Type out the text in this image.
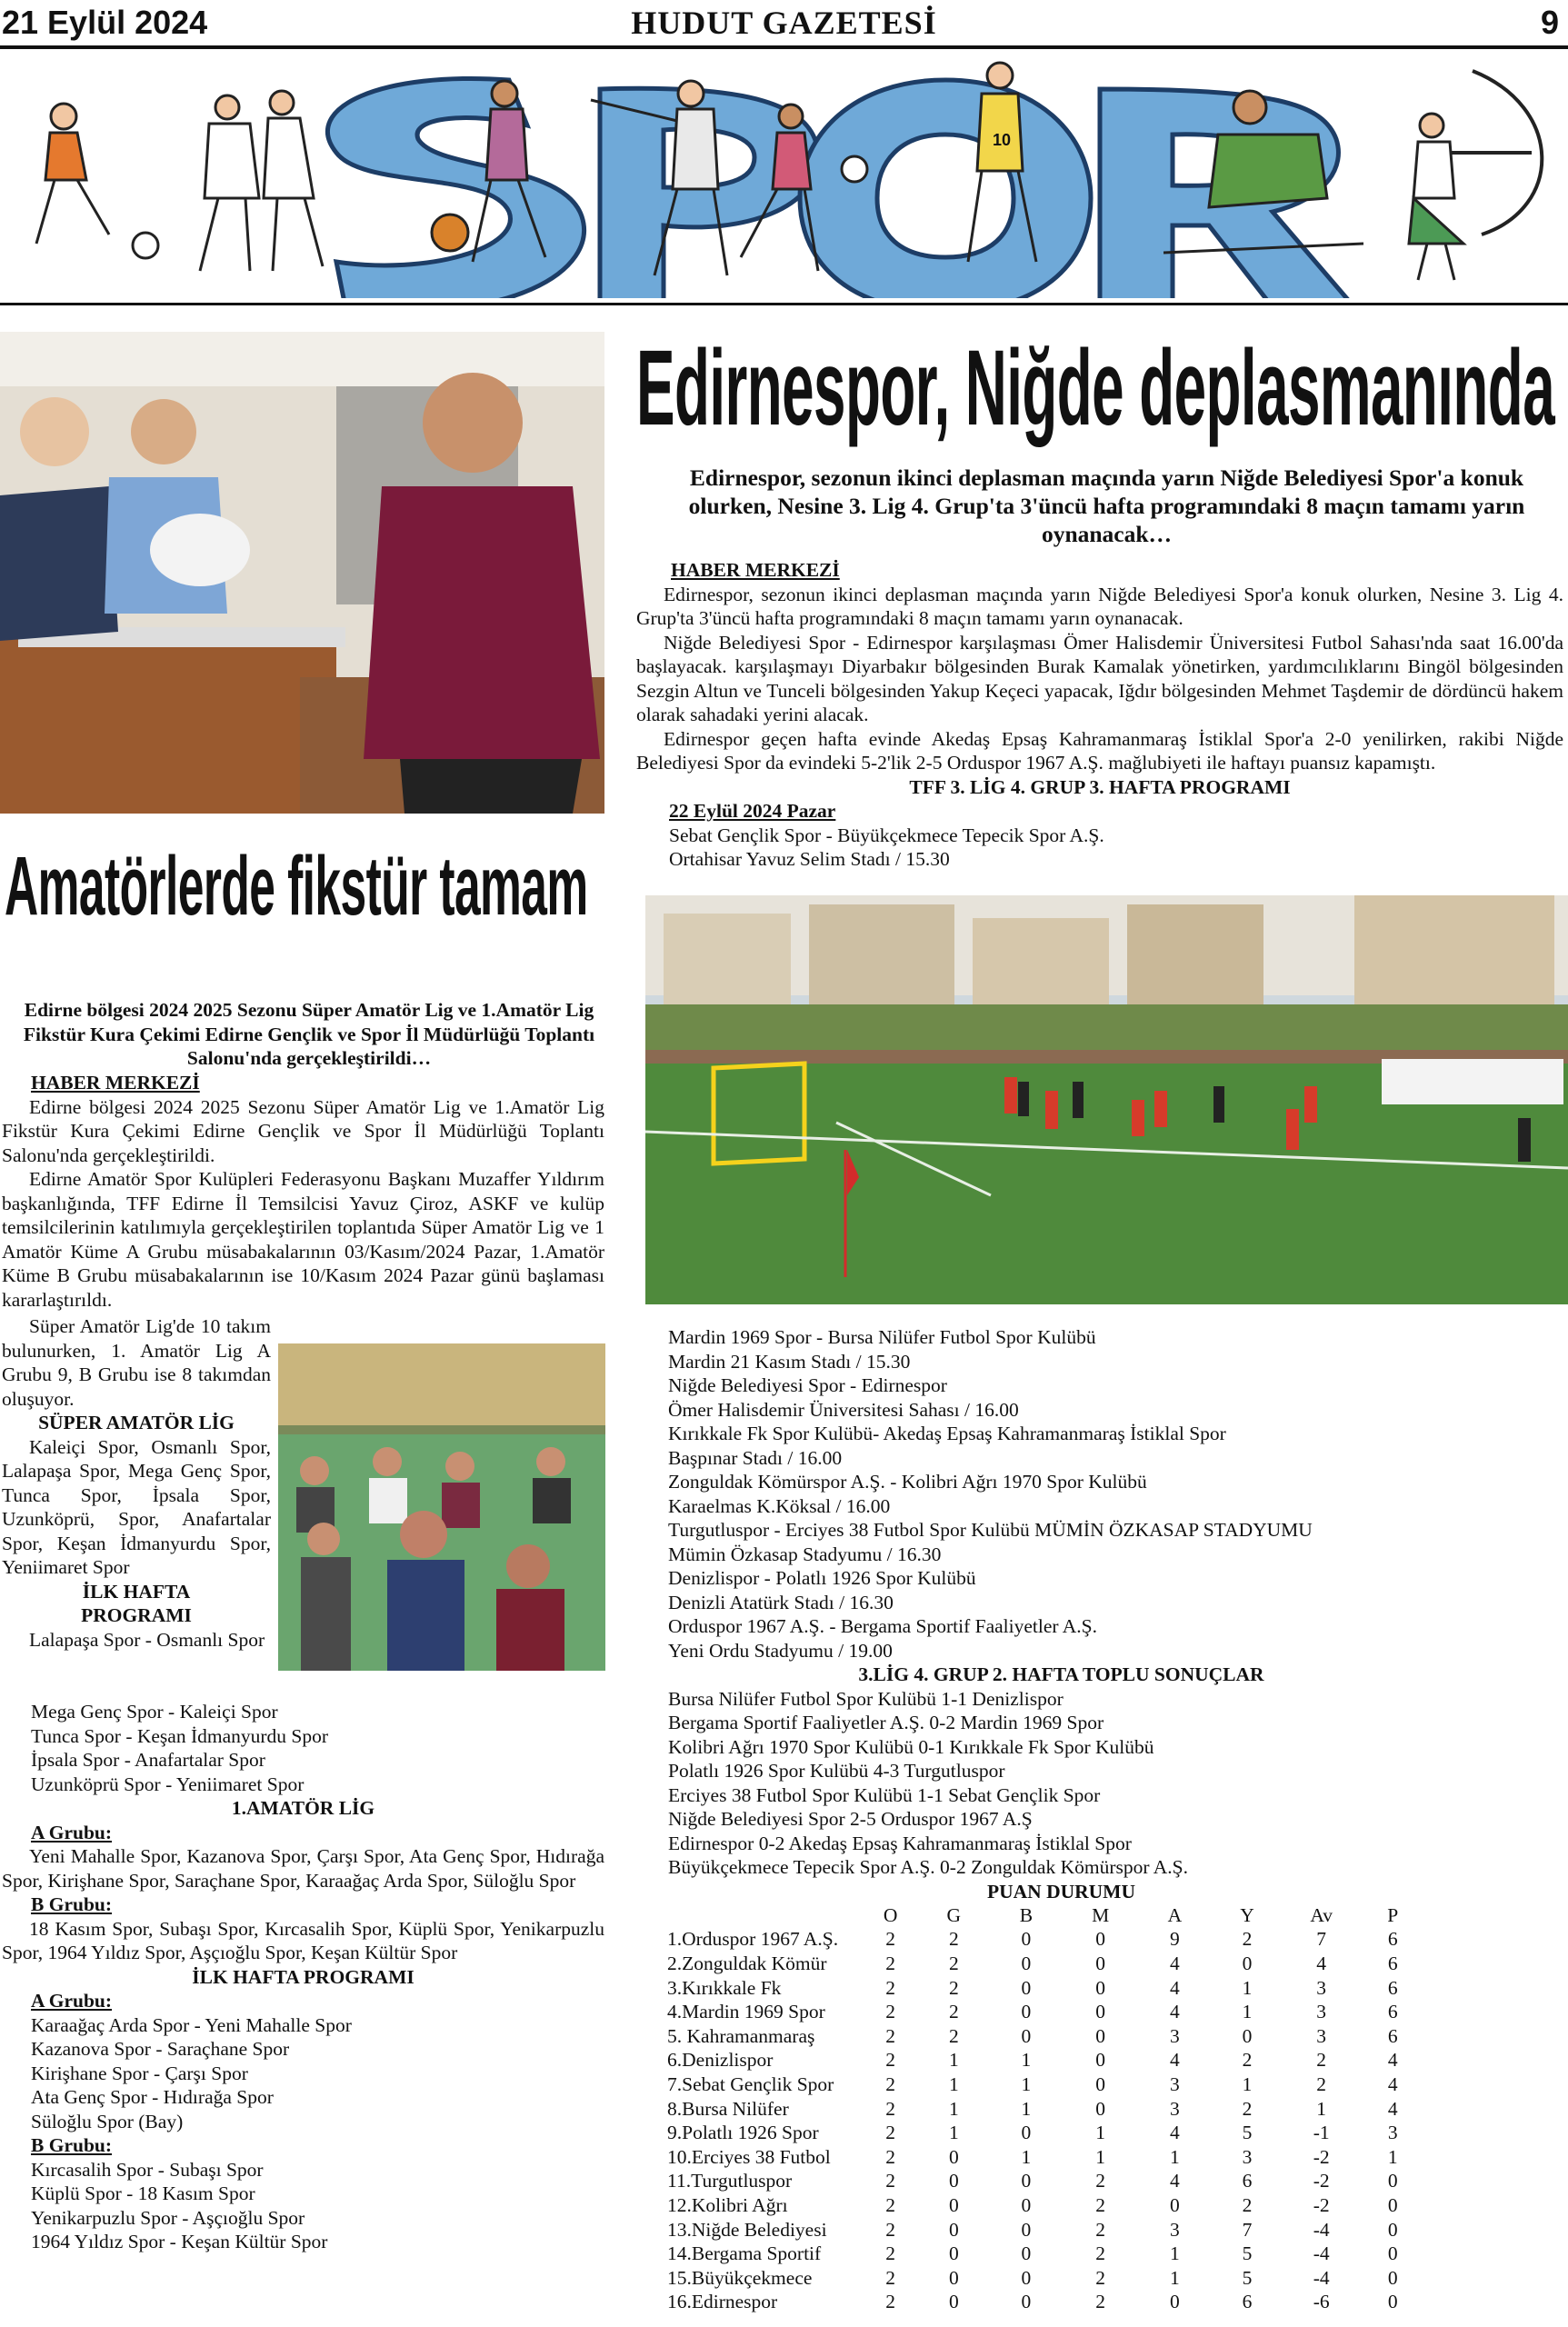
21 Eylül 2024	HUDUT GAZETESİ	9
10
Amatörlerde fikstür tamam
Edirnespor, Niğde deplasmanında
Edirnespor, sezonun ikinci deplasman maçında yarın Niğde Belediyesi Spor'a konuk olurken, Nesine 3. Lig 4. Grup'ta 3'üncü hafta programındaki 8 maçın tamamı yarın oynanacak…

HABER MERKEZİ

Edirnespor, sezonun ikinci deplasman maçında yarın Niğde Belediyesi Spor'a konuk olurken, Nesine 3. Lig 4. Grup'ta 3'üncü hafta programındaki 8 maçın tamamı yarın oynanacak.

Niğde Belediyesi Spor - Edirnespor karşılaşması Ömer Halisdemir Üniversitesi Futbol Sahası'nda saat 16.00'da başlayacak. karşılaşmayı Diyarbakır bölgesinden Burak Kamalak yönetirken, yardımcılıklarını Bingöl bölgesinden Sezgin Altun ve Tunceli bölgesinden Yakup Keçeci yapacak, Iğdır bölgesinden Mehmet Taşdemir de dördüncü hakem olarak sahadaki yerini alacak.

Edirnespor geçen hafta evinde Akedaş Epsaş Kahramanmaraş İstiklal Spor'a 2-0 yenilirken, rakibi Niğde Belediyesi Spor da evindeki 5-2'lik 2-5 Orduspor 1967 A.Ş. mağlubiyeti ile haftayı puansız kapamıştı.

TFF 3. LİG 4. GRUP 3. HAFTA PROGRAMI

22 Eylül 2024 Pazar

Sebat Gençlik Spor - Büyükçekmece Tepecik Spor A.Ş.

Ortahisar Yavuz Selim Stadı / 15.30

Mardin 1969 Spor - Bursa Nilüfer Futbol Spor Kulübü

Mardin 21 Kasım Stadı / 15.30

Niğde Belediyesi Spor - Edirnespor

Ömer Halisdemir Üniversitesi Sahası / 16.00

Kırıkkale Fk Spor Kulübü- Akedaş Epsaş Kahramanmaraş İstiklal Spor

Başpınar Stadı / 16.00

Zonguldak Kömürspor A.Ş. - Kolibri Ağrı 1970 Spor Kulübü

Karaelmas K.Köksal / 16.00

Turgutluspor - Erciyes 38 Futbol Spor Kulübü MÜMİN ÖZKASAP STADYUMU

Mümin Özkasap Stadyumu / 16.30

Denizlispor - Polatlı 1926 Spor Kulübü

Denizli Atatürk Stadı / 16.30

Orduspor 1967 A.Ş. - Bergama Sportif Faaliyetler A.Ş.

Yeni Ordu Stadyumu / 19.00

3.LİG 4. GRUP 2. HAFTA TOPLU SONUÇLAR

Bursa Nilüfer Futbol Spor Kulübü 1-1 Denizlispor

Bergama Sportif Faaliyetler A.Ş. 0-2 Mardin 1969 Spor

Kolibri Ağrı 1970 Spor Kulübü 0-1 Kırıkkale Fk Spor Kulübü

Polatlı 1926 Spor Kulübü 4-3 Turgutluspor

Erciyes 38 Futbol Spor Kulübü 1-1 Sebat Gençlik Spor

Niğde Belediyesi Spor 2-5 Orduspor 1967 A.Ş

Edirnespor 0-2 Akedaş Epsaş Kahramanmaraş İstiklal Spor

Büyükçekmece Tepecik Spor A.Ş. 0-2 Zonguldak Kömürspor A.Ş.

PUAN DURUMU

	O	G	B	M	A	Y	Av	P
1.Orduspor 1967 A.Ş.	2	2	0	0	9	2	7	6
2.Zonguldak Kömür	2	2	0	0	4	0	4	6
3.Kırıkkale Fk	2	2	0	0	4	1	3	6
4.Mardin 1969 Spor	2	2	0	0	4	1	3	6
5. Kahramanmaraş	2	2	0	0	3	0	3	6
6.Denizlispor	2	1	1	0	4	2	2	4
7.Sebat Gençlik Spor	2	1	1	0	3	1	2	4
8.Bursa Nilüfer	2	1	1	0	3	2	1	4
9.Polatlı 1926 Spor	2	1	0	1	4	5	-1	3
10.Erciyes 38 Futbol	2	0	1	1	1	3	-2	1
11.Turgutluspor	2	0	0	2	4	6	-2	0
12.Kolibri Ağrı	2	0	0	2	0	2	-2	0
13.Niğde Belediyesi	2	0	0	2	3	7	-4	0
14.Bergama Sportif	2	0	0	2	1	5	-4	0
15.Büyükçekmece	2	0	0	2	1	5	-4	0
16.Edirnespor	2	0	0	2	0	6	-6	0
Edirne bölgesi 2024 2025 Sezonu Süper Amatör Lig ve 1.Amatör Lig Fikstür Kura Çekimi Edirne Gençlik ve Spor İl Müdürlüğü Toplantı Salonu'nda gerçekleştirildi…

HABER MERKEZİ

Edirne bölgesi 2024 2025 Sezonu Süper Amatör Lig ve 1.Amatör Lig Fikstür Kura Çekimi Edirne Gençlik ve Spor İl Müdürlüğü Toplantı Salonu'nda gerçekleştirildi.

Edirne Amatör Spor Kulüpleri Federasyonu Başkanı Muzaffer Yıldırım başkanlığında, TFF Edirne İl Temsilcisi Yavuz Çiroz, ASKF ve kulüp temsilcilerinin katılımıyla gerçekleştirilen toplantıda Süper Amatör Lig ve 1 Amatör Küme A Grubu müsabakalarının 03/Kasım/2024 Pazar, 1.Amatör Küme B Grubu müsabakalarının ise 10/Kasım 2024 Pazar günü başlaması kararlaştırıldı.

Süper Amatör Lig'de 10 takım bulunurken, 1. Amatör Lig A Grubu 9, B Grubu ise 8 takımdan oluşuyor.

SÜPER AMATÖR LİG

Kaleiçi Spor, Osmanlı Spor, Lalapaşa Spor, Mega Genç Spor, Tunca Spor, İpsala Spor, Uzunköprü, Spor, Anafartalar Spor, Keşan İdmanyurdu Spor, Yeniimaret Spor

İLK HAFTA PROGRAMI

Lalapaşa Spor - Osmanlı Spor

Mega Genç Spor - Kaleiçi Spor

Tunca Spor - Keşan İdmanyurdu Spor

İpsala Spor - Anafartalar Spor

Uzunköprü Spor - Yeniimaret Spor

1.AMATÖR LİG

A Grubu:

Yeni Mahalle Spor, Kazanova Spor, Çarşı Spor, Ata Genç Spor, Hıdırağa Spor, Kirişhane Spor, Saraçhane Spor, Karaağaç Arda Spor, Süloğlu Spor

B Grubu:

18 Kasım Spor, Subaşı Spor, Kırcasalih Spor, Küplü Spor, Yenikarpuzlu Spor, 1964 Yıldız Spor, Aşçıoğlu Spor, Keşan Kültür Spor

İLK HAFTA PROGRAMI

A Grubu:

Karaağaç Arda Spor - Yeni Mahalle Spor

Kazanova Spor - Saraçhane Spor

Kirişhane Spor - Çarşı Spor

Ata Genç Spor - Hıdırağa Spor

Süloğlu Spor (Bay)

B Grubu:

Kırcasalih Spor - Subaşı Spor

Küplü Spor - 18 Kasım Spor

Yenikarpuzlu Spor - Aşçıoğlu Spor

1964 Yıldız Spor - Keşan Kültür Spor
